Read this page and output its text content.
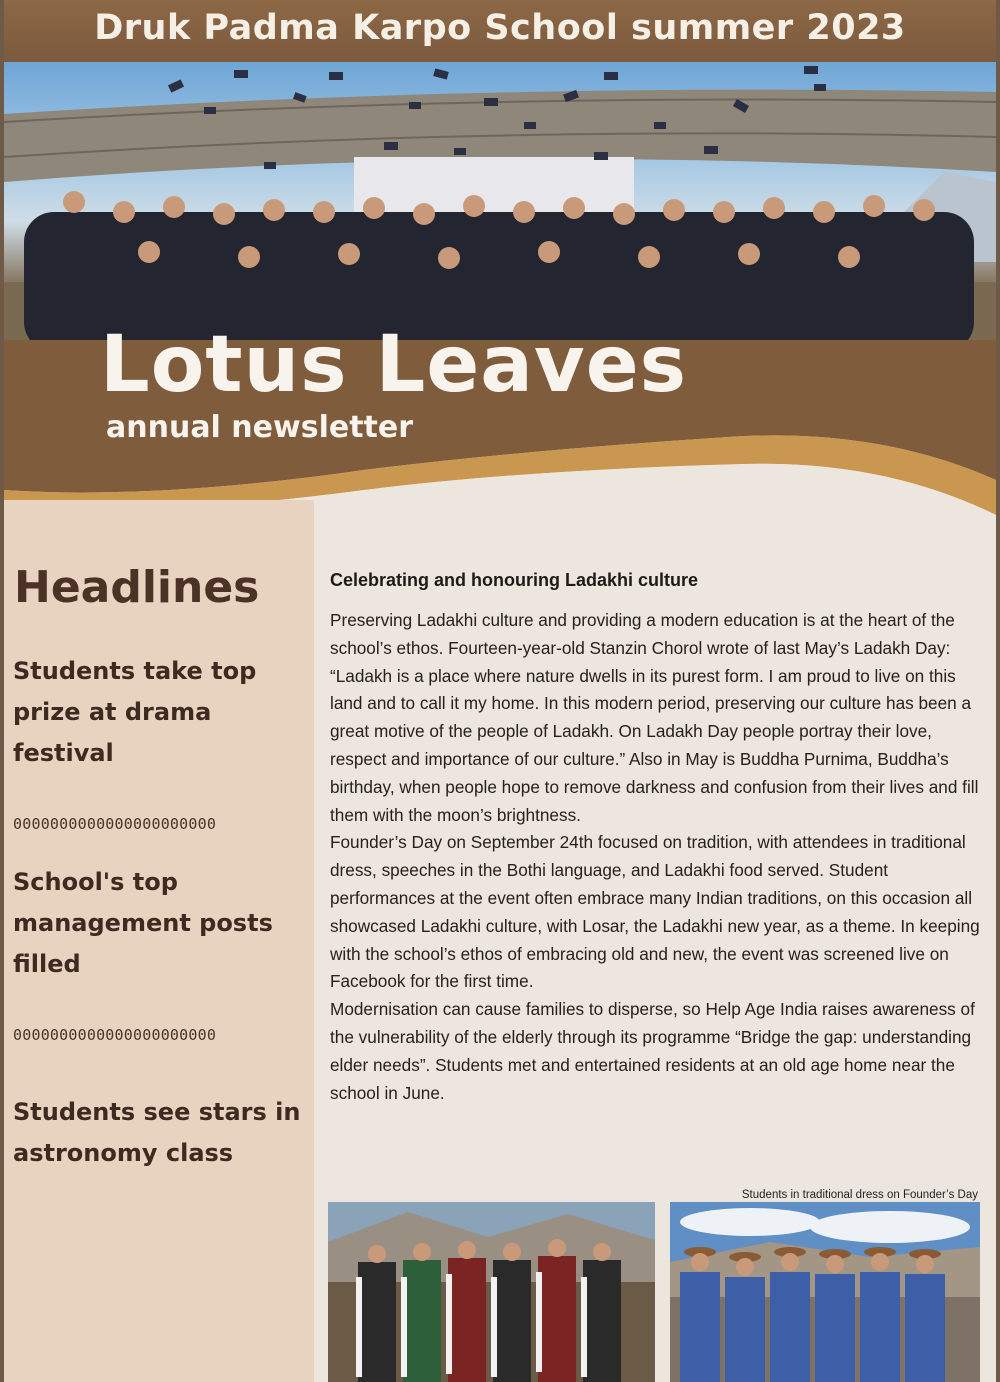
Druk Padma Karpo School summer 2023
Lotus Leaves
annual newsletter
Headlines
Students take top prize at drama festival
0000000000000000000000
School's top management posts filled
0000000000000000000000
Students see stars in astronomy class
Celebrating and honouring Ladakhi culture

Preserving Ladakhi culture and providing a modern education is at the heart of the school’s ethos. Fourteen-year-old Stanzin Chorol wrote of last May’s Ladakh Day: “Ladakh is a place where nature dwells in its purest form. I am proud to live on this land and to call it my home. In this modern period, preserving our culture has been a great motive of the people of Ladakh. On Ladakh Day people portray their love, respect and importance of our culture.” Also in May is Buddha Purnima, Buddha’s birthday, when people hope to remove darkness and confusion from their lives and fill them with the moon’s brightness.

Founder’s Day on September 24th focused on tradition, with attendees in traditional dress, speeches in the Bothi language, and Ladakhi food served. Student performances at the event often embrace many Indian traditions, on this occasion all showcased Ladakhi culture, with Losar, the Ladakhi new year, as a theme. In keeping with the school’s ethos of embracing old and new, the event was screened live on Facebook for the first time.

Modernisation can cause families to disperse, so Help Age India raises awareness of the vulnerability of the elderly through its programme “Bridge the gap: understanding elder needs”. Students met and entertained residents at an old age home near the school in June.

Students in traditional dress on Founder’s Day
